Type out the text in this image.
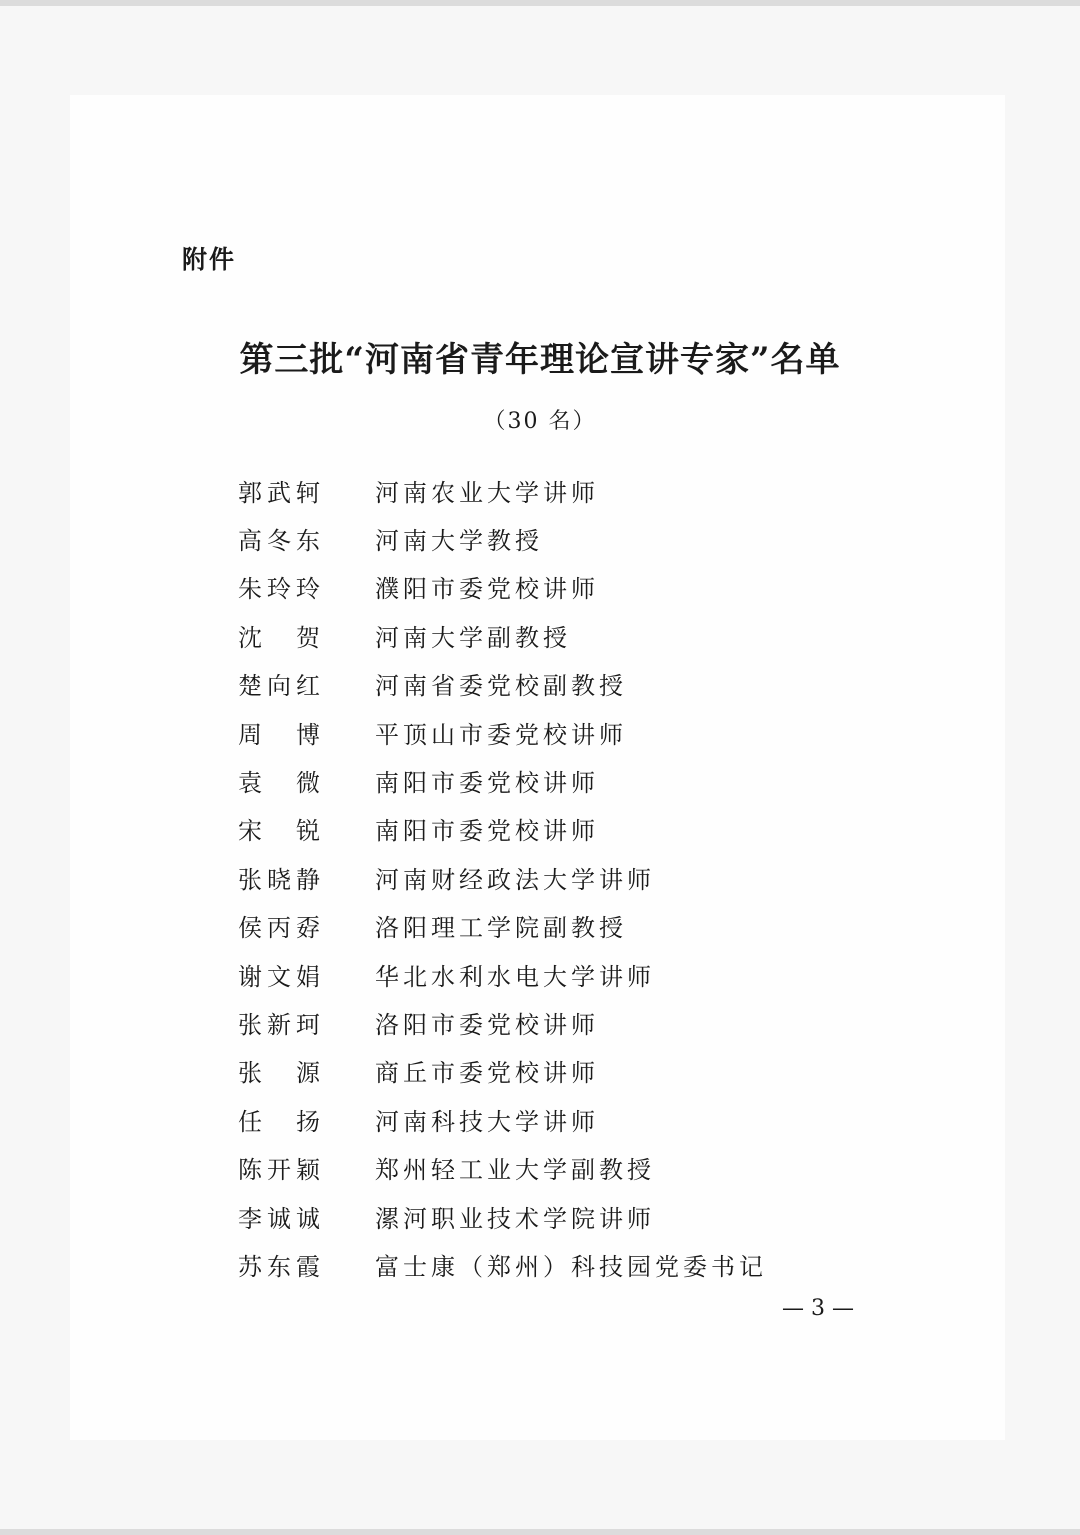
附件
第三批“河南省青年理论宣讲专家”名单
（30 名）
郭武轲 河南农业大学讲师
高冬东 河南大学教授
朱玲玲 濮阳市委党校讲师
沈贺 河南大学副教授
楚向红 河南省委党校副教授
周博 平顶山市委党校讲师
袁微 南阳市委党校讲师
宋锐 南阳市委党校讲师
张晓静 河南财经政法大学讲师
侯丙孬 洛阳理工学院副教授
谢文娟 华北水利水电大学讲师
张新珂 洛阳市委党校讲师
张源 商丘市委党校讲师
任扬 河南科技大学讲师
陈开颖 郑州轻工业大学副教授
李诚诚 漯河职业技术学院讲师
苏东霞 富士康（郑州）科技园党委书记
— 3 —
